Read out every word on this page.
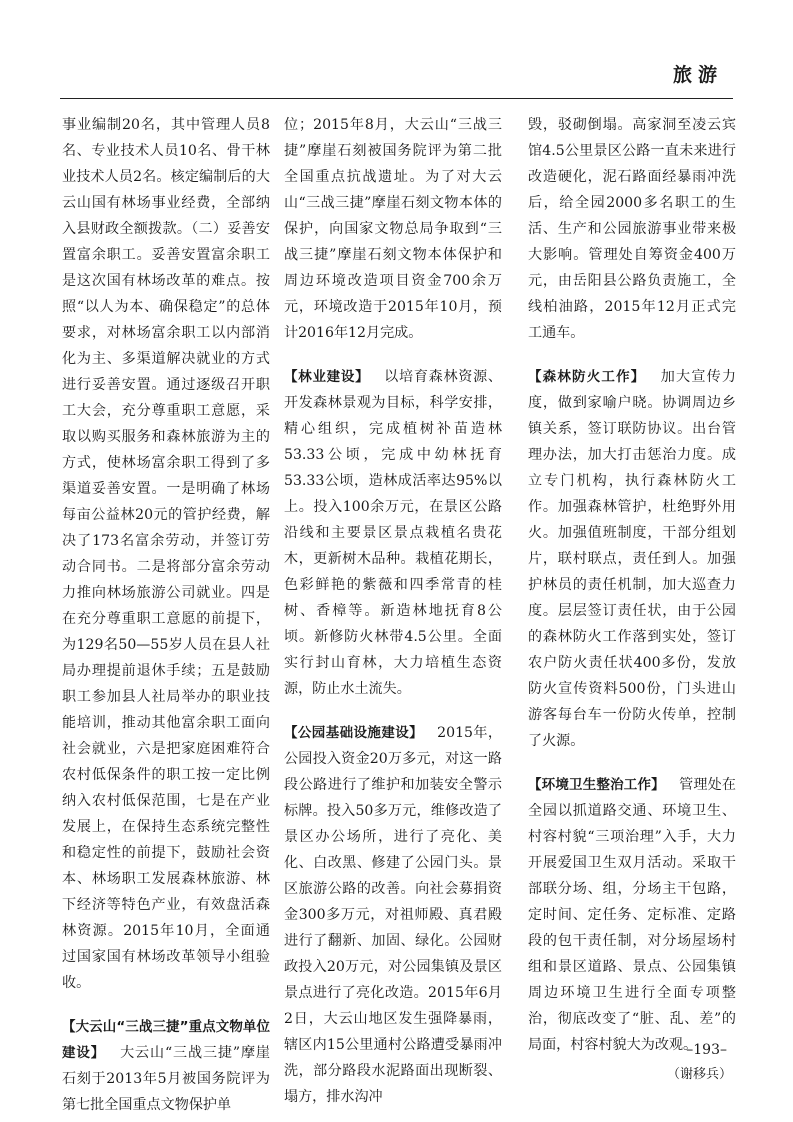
旅游

事业编制20名，其中管理人员8名、专业技术人员10名、骨干林业技术人员2名。核定编制后的大云山国有林场事业经费，全部纳入县财政全额拨款。（二）妥善安置富余职工。妥善安置富余职工是这次国有林场改革的难点。按照“以人为本、确保稳定”的总体要求，对林场富余职工以内部消化为主、多渠道解决就业的方式进行妥善安置。通过逐级召开职工大会，充分尊重职工意愿，采取以购买服务和森林旅游为主的方式，使林场富余职工得到了多渠道妥善安置。一是明确了林场每亩公益林20元的管护经费，解决了173名富余劳动，并签订劳动合同书。二是将部分富余劳动力推向林场旅游公司就业。四是在充分尊重职工意愿的前提下，为129名50—55岁人员在县人社局办理提前退休手续；五是鼓励职工参加县人社局举办的职业技能培训，推动其他富余职工面向社会就业，六是把家庭困难符合农村低保条件的职工按一定比例纳入农村低保范围，七是在产业发展上，在保持生态系统完整性和稳定性的前提下，鼓励社会资本、林场职工发展森林旅游、林下经济等特色产业，有效盘活森林资源。2015年10月，全面通过国家国有林场改革领导小组验收。

【大云山“三战三捷”重点文物单位建设】  大云山“三战三捷”摩崖石刻于2013年5月被国务院评为第七批全国重点文物保护单

位；2015年8月，大云山“三战三捷”摩崖石刻被国务院评为第二批全国重点抗战遗址。为了对大云山“三战三捷”摩崖石刻文物本体的保护，向国家文物总局争取到“三战三捷”摩崖石刻文物本体保护和周边环境改造项目资金700余万元，环境改造于2015年10月，预计2016年12月完成。

【林业建设】  以培育森林资源、开发森林景观为目标，科学安排，精心组织，完成植树补苗造林53.33公顷，完成中幼林抚育53.33公顷，造林成活率达95%以上。投入100余万元，在景区公路沿线和主要景区景点栽植名贵花木，更新树木品种。栽植花期长，色彩鲜艳的紫薇和四季常青的桂树、香樟等。新造林地抚育8公顷。新修防火林带4.5公里。全面实行封山育林，大力培植生态资源，防止水土流失。

【公园基础设施建设】  2015年，公园投入资金20万多元，对这一路段公路进行了维护和加装安全警示标牌。投入50多万元，维修改造了景区办公场所，进行了亮化、美化、白改黑、修建了公园门头。景区旅游公路的改善。向社会募捐资金300多万元，对祖师殿、真君殿进行了翻新、加固、绿化。公园财政投入20万元，对公园集镇及景区景点进行了亮化改造。2015年6月2日，大云山地区发生强降暴雨，辖区内15公里通村公路遭受暴雨冲洗，部分路段水泥路面出现断裂、塌方，排水沟冲

毁，驳砌倒塌。高家洞至凌云宾馆4.5公里景区公路一直未来进行改造硬化，泥石路面经暴雨冲洗后，给全园2000多名职工的生活、生产和公园旅游事业带来极大影响。管理处自筹资金400万元，由岳阳县公路负责施工，全线柏油路，2015年12月正式完工通车。

【森林防火工作】  加大宣传力度，做到家喻户晓。协调周边乡镇关系，签订联防协议。出台管理办法，加大打击惩治力度。成立专门机构，执行森林防火工作。加强森林管护，杜绝野外用火。加强值班制度，干部分组划片，联村联点，责任到人。加强护林员的责任机制，加大巡查力度。层层签订责任状，由于公园的森林防火工作落到实处，签订农户防火责任状400多份，发放防火宣传资料500份，门头进山游客每台车一份防火传单，控制了火源。

【环境卫生整治工作】  管理处在全园以抓道路交通、环境卫生、村容村貌“三项治理”入手，大力开展爱国卫生双月活动。采取干部联分场、组，分场主干包路，定时间、定任务、定标准、定路段的包干责任制，对分场屋场村组和景区道路、景点、公园集镇周边环境卫生进行全面专项整治，彻底改变了“脏、乱、差”的局面，村容村貌大为改观。

（谢移兵）
–193–
